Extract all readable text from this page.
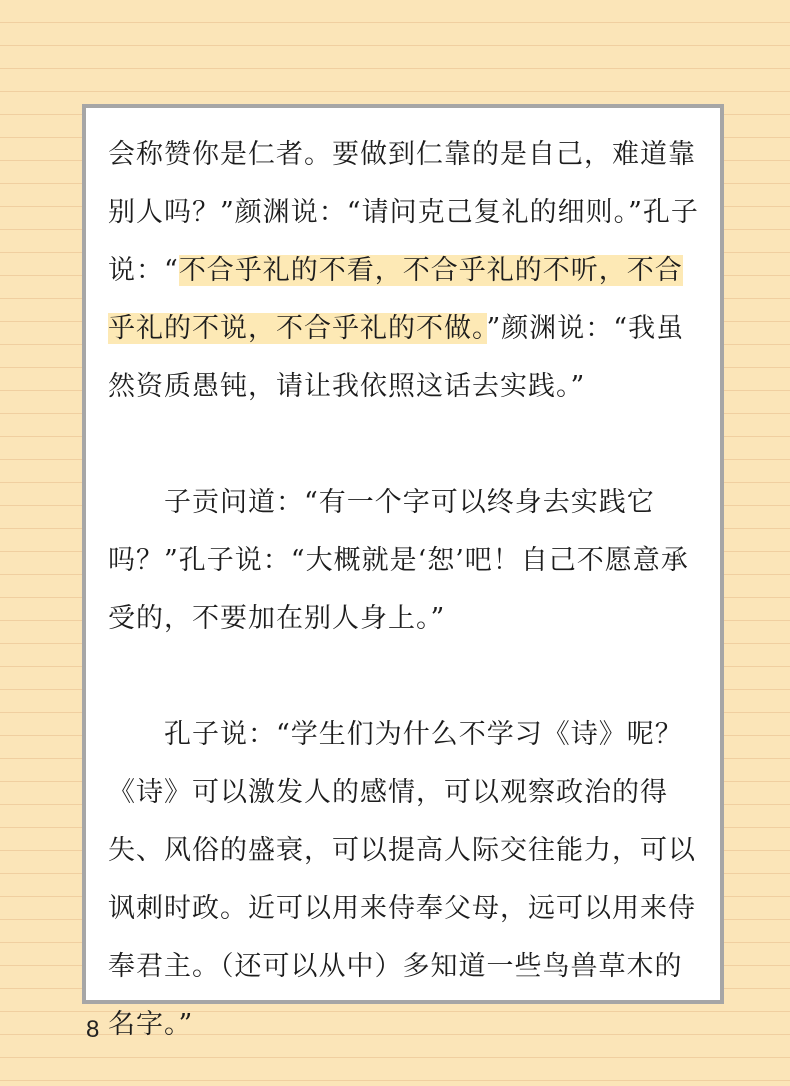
会称赞你是仁者。要做到仁靠的是自己，难道靠别人吗？”颜渊说：“请问克己复礼的细则。”孔子说：“不合乎礼的不看，不合乎礼的不听，不合乎礼的不说，不合乎礼的不做。”颜渊说：“我虽然资质愚钝，请让我依照这话去实践。”

子贡问道：“有一个字可以终身去实践它吗？”孔子说：“大概就是‘恕’吧！自己不愿意承受的，不要加在别人身上。”

孔子说：“学生们为什么不学习《诗》呢？《诗》可以激发人的感情，可以观察政治的得失、风俗的盛衰，可以提高人际交往能力，可以讽刺时政。近可以用来侍奉父母，远可以用来侍奉君主。（还可以从中）多知道一些鸟兽草木的名字。”

8
